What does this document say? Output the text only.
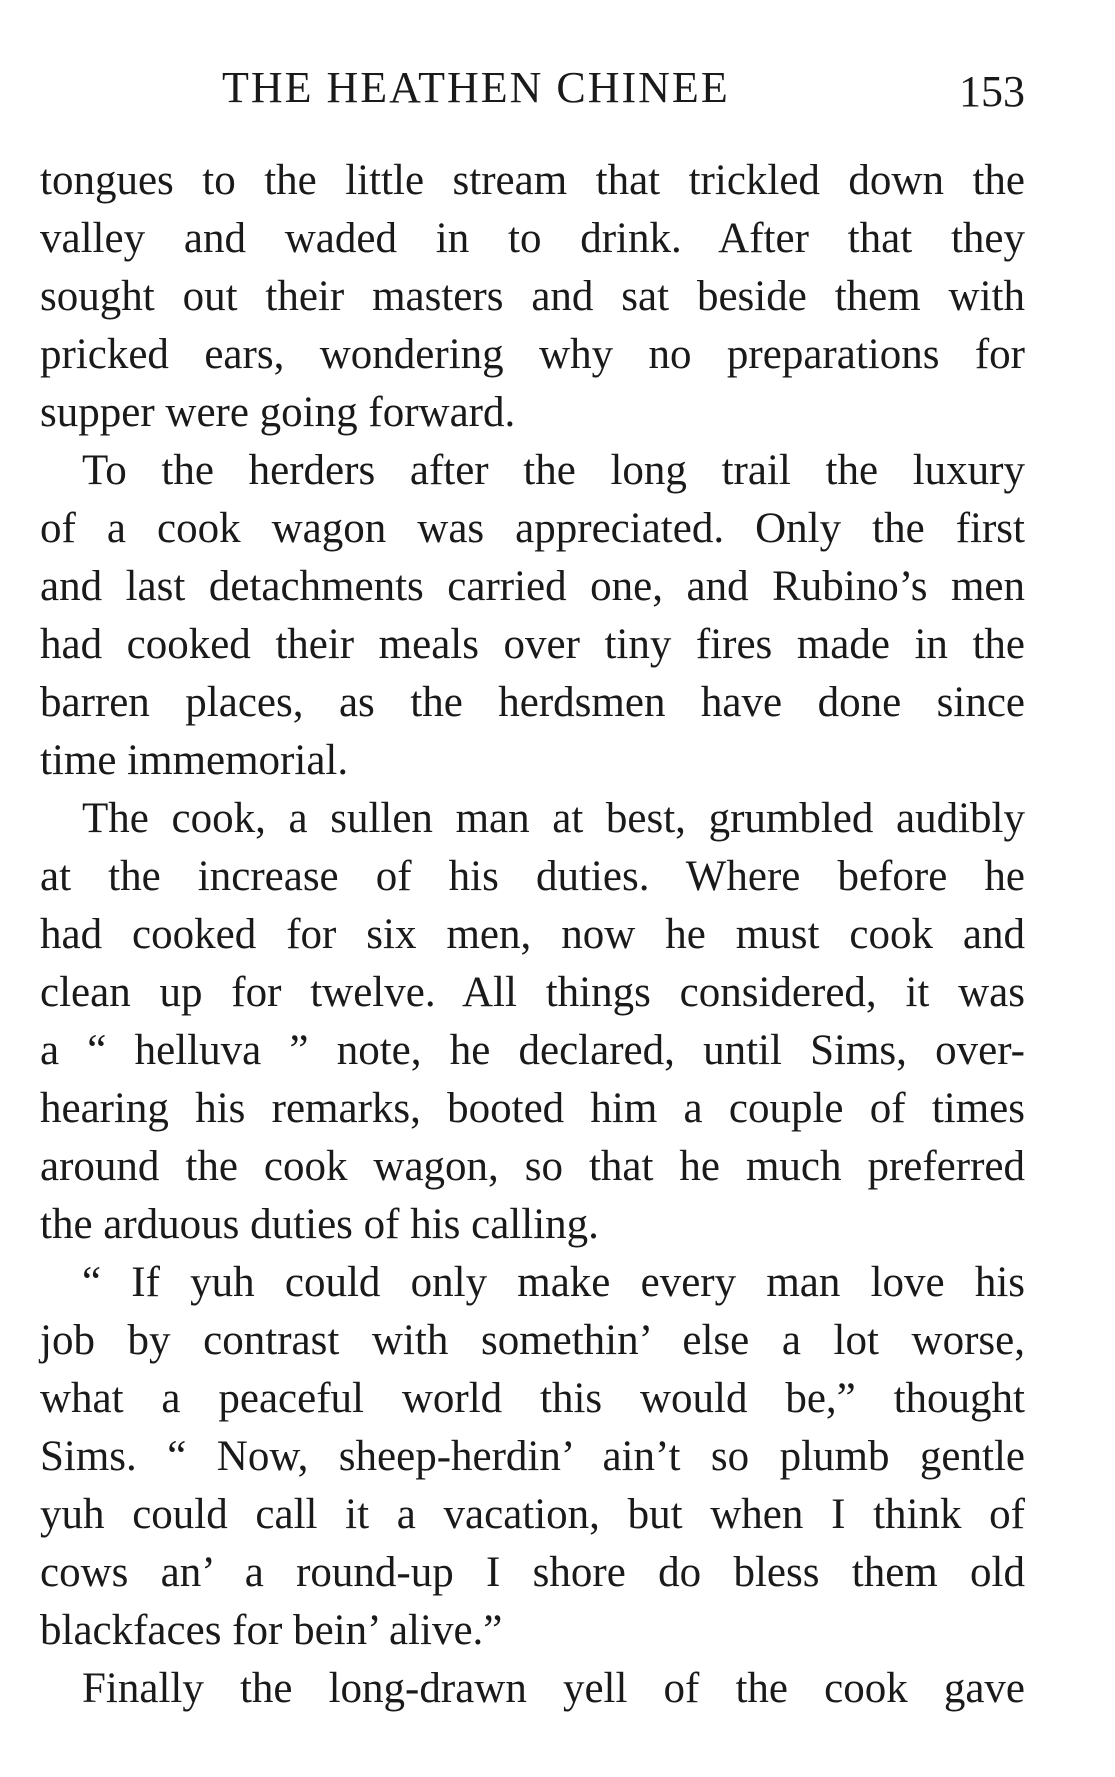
THE HEATHEN CHINEE	153
tongues to the little stream that trickled down the
valley and waded in to drink. After that they
sought out their masters and sat beside them with
pricked ears, wondering why no preparations for
supper were going forward.
To the herders after the long trail the luxury
of a cook wagon was appreciated. Only the first
and last detachments carried one, and Rubino’s men
had cooked their meals over tiny fires made in the
barren places, as the herdsmen have done since
time immemorial.
The cook, a sullen man at best, grumbled audibly
at the increase of his duties. Where before he
had cooked for six men, now he must cook and
clean up for twelve. All things considered, it was
a “ helluva ” note, he declared, until Sims, over-
hearing his remarks, booted him a couple of times
around the cook wagon, so that he much preferred
the arduous duties of his calling.
“ If yuh could only make every man love his
job by contrast with somethin’ else a lot worse,
what a peaceful world this would be,” thought
Sims. “ Now, sheep-herdin’ ain’t so plumb gentle
yuh could call it a vacation, but when I think of
cows an’ a round-up I shore do bless them old
blackfaces for bein’ alive.”
Finally the long-drawn yell of the cook gave
